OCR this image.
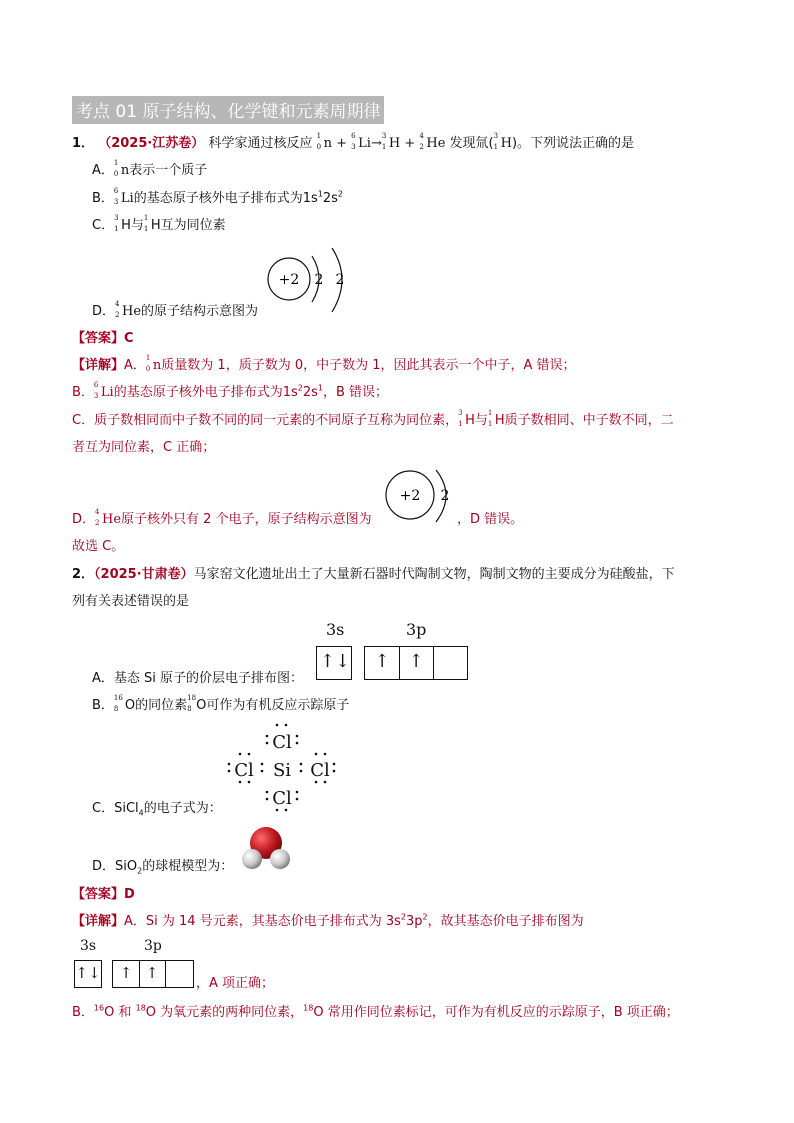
考点 01 原子结构、化学键和元素周期律
1． （2025·江苏卷） 科学家通过核反应 1
0 n + 6
3 Li→ 3
1 H + 4
2 He 发现氚( 3
1 H)。下列说法正确的是
A． 1
0 n表示一个质子
B． 6
3 Li的基态原子核外电子排布式为$1s^12s^2$
C． 3
1 H与 1
1 H互为同位素
+2 2 2
D． 4
2 He的原子结构示意图为
【答案】C
【详解】A． 1
0 n质量数为 1，质子数为 0，中子数为 1，因此其表示一个中子，A 错误；
B． 6
3 Li的基态原子核外电子排布式为$1s^22s^1$，B 错误；
C．质子数相同而中子数不同的同一元素的不同原子互称为同位素， 3
1 H与 1
1 H质子数相同、中子数不同，二
者互为同位素，C 正确；
+2 2
D． 4
2 He原子核外只有 2 个电子，原子结构示意图为	，D 错误。
故选 C。
2．（2025·甘肃卷）马家窑文化遗址出土了大量新石器时代陶制文物，陶制文物的主要成分为硅酸盐，下
列有关表述错误的是
3s	3p
↑↓	↑	↑
A．基态 Si 原子的价层电子排布图：
B． 16
8 O的同位素 18
8 O可作为有机反应示踪原子
Cl
Si
Cl	Cl
Cl
C．SiCl$_4$的电子式为：
D．SiO$_2$的球棍模型为：
【答案】D
【详解】A．Si 为 14 号元素，其基态价电子排布式为 $3s^23p^2$，故其基态价电子排布图为
3s	3p
↑↓	↑ ↑
，A 项正确；
B．$^{16}$O 和 $^{18}$O 为氧元素的两种同位素，$^{18}$O 常用作同位素标记，可作为有机反应的示踪原子，B 项正确；
